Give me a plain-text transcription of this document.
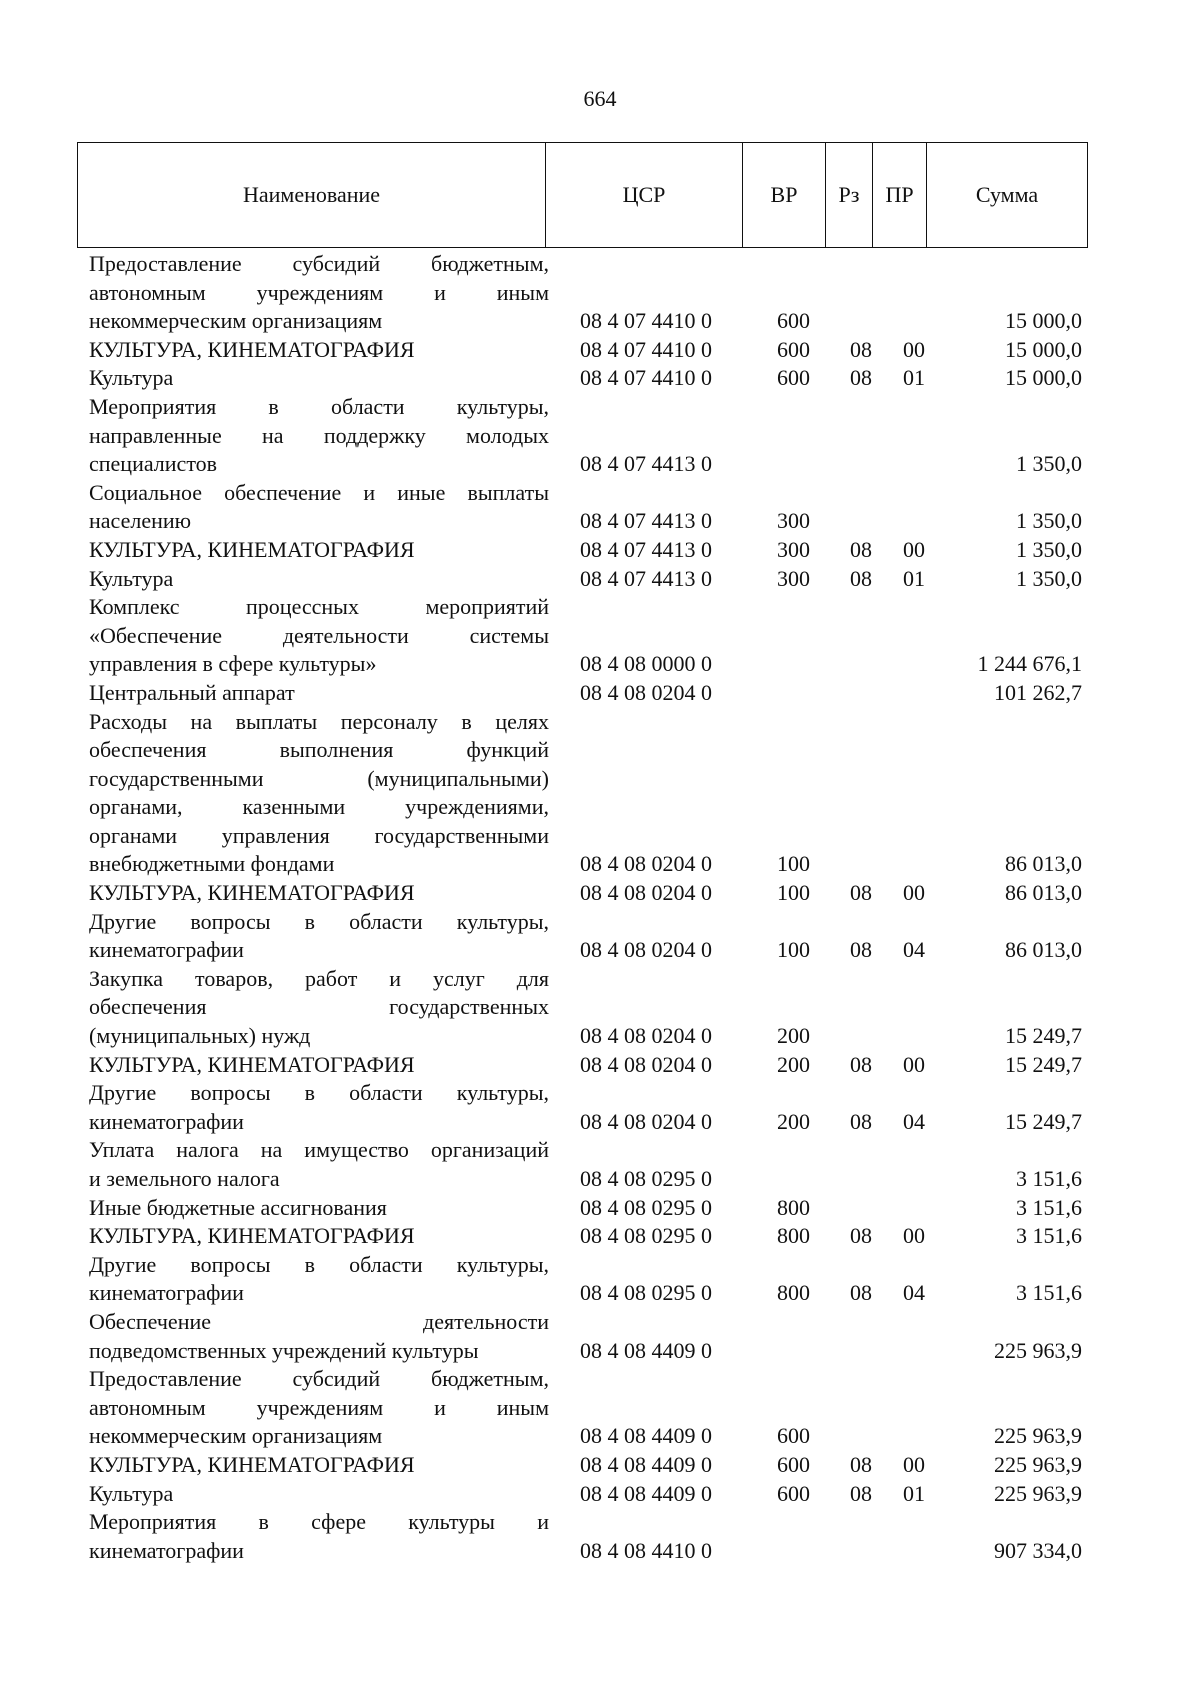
664
Наименование	ЦСР	ВР	Рз	ПР	Сумма
Предоставление субсидий бюджетным,
автономным учреждениям и иным
некоммерческим организациям	08 4 07 4410 0	600	15 000,0
КУЛЬТУРА, КИНЕМАТОГРАФИЯ	08 4 07 4410 0	600 08 00	15 000,0
Культура	08 4 07 4410 0	600 08 01	15 000,0
Мероприятия в области культуры,
направленные на поддержку молодых
специалистов	08 4 07 4413 0	1 350,0
Социальное обеспечение и иные выплаты
населению	08 4 07 4413 0	300	1 350,0
КУЛЬТУРА, КИНЕМАТОГРАФИЯ	08 4 07 4413 0	300 08 00	1 350,0
Культура	08 4 07 4413 0	300 08 01	1 350,0
Комплекс процессных мероприятий
«Обеспечение деятельности системы
управления в сфере культуры»	08 4 08 0000 0	1 244 676,1
Центральный аппарат	08 4 08 0204 0	101 262,7
Расходы на выплаты персоналу в целях
обеспечения выполнения функций
государственными (муниципальными)
органами, казенными учреждениями,
органами управления государственными
внебюджетными фондами	08 4 08 0204 0	100	86 013,0
КУЛЬТУРА, КИНЕМАТОГРАФИЯ	08 4 08 0204 0	100 08 00	86 013,0
Другие вопросы в области культуры,
кинематографии	08 4 08 0204 0	100 08 04	86 013,0
Закупка товаров, работ и услуг для
обеспечения государственных
(муниципальных) нужд	08 4 08 0204 0	200	15 249,7
КУЛЬТУРА, КИНЕМАТОГРАФИЯ	08 4 08 0204 0	200 08 00	15 249,7
Другие вопросы в области культуры,
кинематографии	08 4 08 0204 0	200 08 04	15 249,7
Уплата налога на имущество организаций
и земельного налога	08 4 08 0295 0	3 151,6
Иные бюджетные ассигнования	08 4 08 0295 0	800	3 151,6
КУЛЬТУРА, КИНЕМАТОГРАФИЯ	08 4 08 0295 0	800 08 00	3 151,6
Другие вопросы в области культуры,
кинематографии	08 4 08 0295 0	800 08 04	3 151,6
Обеспечение деятельности
подведомственных учреждений культуры	08 4 08 4409 0	225 963,9
Предоставление субсидий бюджетным,
автономным учреждениям и иным
некоммерческим организациям	08 4 08 4409 0	600	225 963,9
КУЛЬТУРА, КИНЕМАТОГРАФИЯ	08 4 08 4409 0	600 08 00	225 963,9
Культура	08 4 08 4409 0	600 08 01	225 963,9
Мероприятия в сфере культуры и
кинематографии	08 4 08 4410 0	907 334,0
